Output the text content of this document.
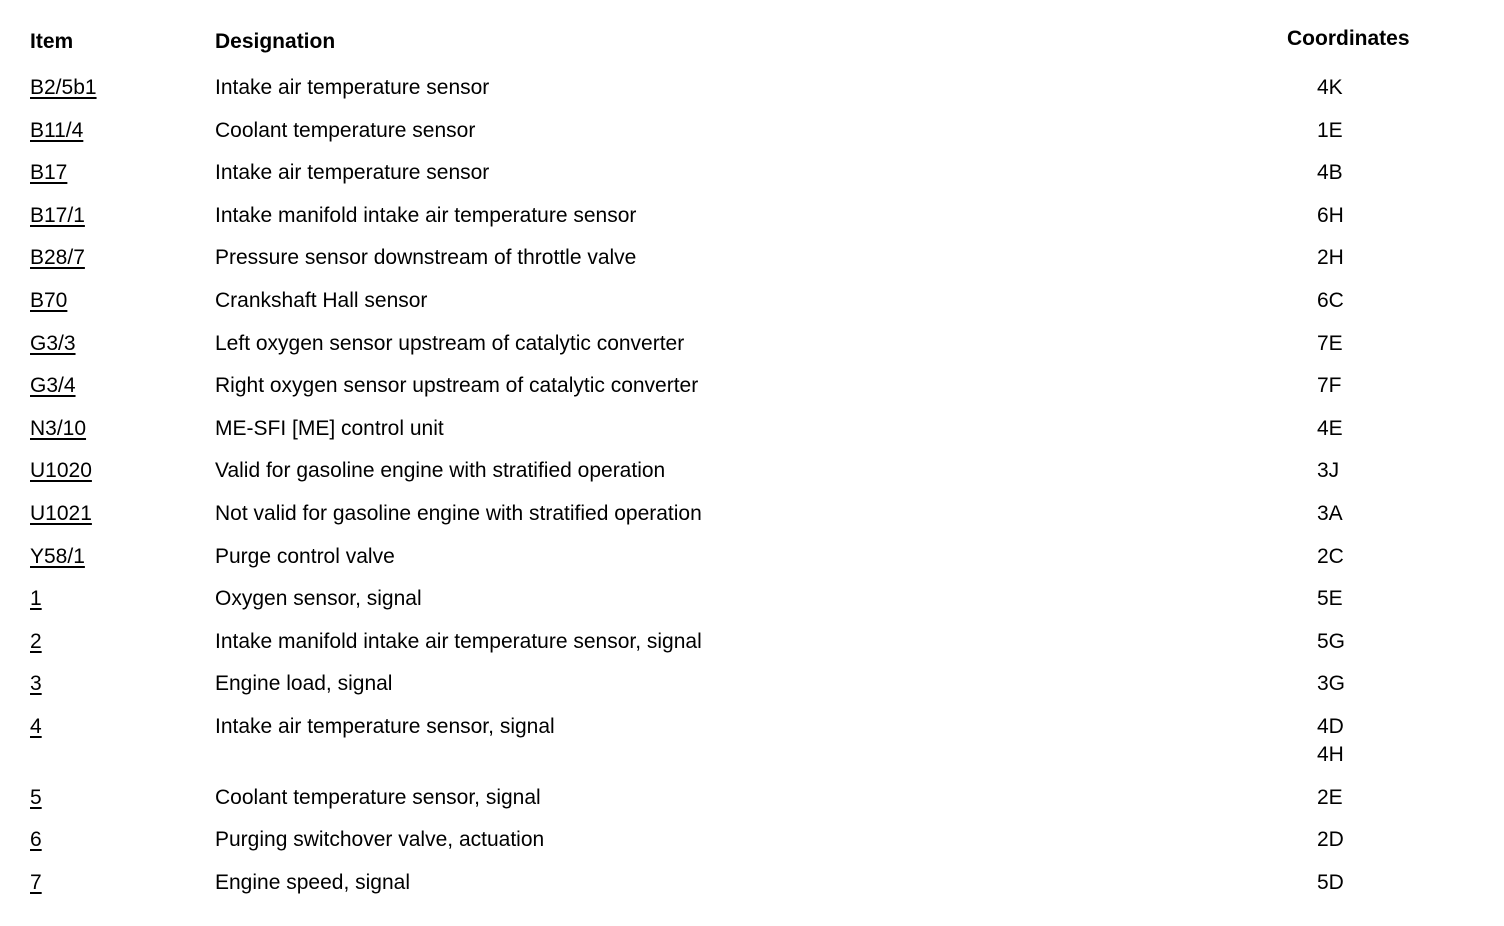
Item	Designation	Coordinates
B2/5b1	Intake air temperature sensor	4K
B11/4	Coolant temperature sensor	1E
B17	Intake air temperature sensor	4B
B17/1	Intake manifold intake air temperature sensor	6H
B28/7	Pressure sensor downstream of throttle valve	2H
B70	Crankshaft Hall sensor	6C
G3/3	Left oxygen sensor upstream of catalytic converter	7E
G3/4	Right oxygen sensor upstream of catalytic converter	7F
N3/10	ME-SFI [ME] control unit	4E
U1020	Valid for gasoline engine with stratified operation	3J
U1021	Not valid for gasoline engine with stratified operation	3A
Y58/1	Purge control valve	2C
1	Oxygen sensor, signal	5E
2	Intake manifold intake air temperature sensor, signal	5G
3	Engine load, signal	3G
4	Intake air temperature sensor, signal	4D
4H
5	Coolant temperature sensor, signal	2E
6	Purging switchover valve, actuation	2D
7	Engine speed, signal	5D
